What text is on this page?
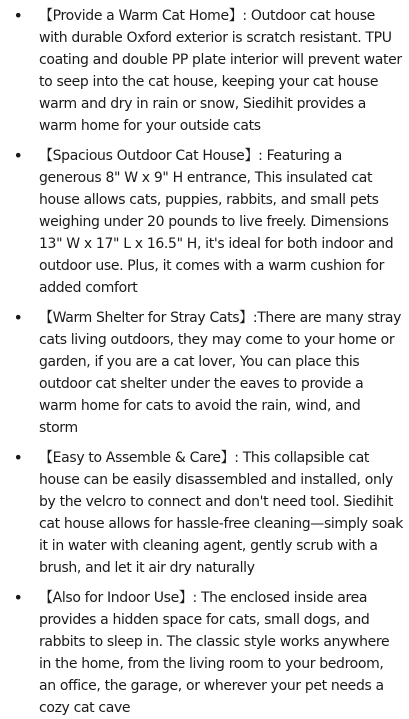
• 【Provide a Warm Cat Home】: Outdoor cat house with durable Oxford exterior is scratch resistant. TPU coating and double PP plate interior will prevent water to seep into the cat house, keeping your cat house warm and dry in rain or snow, Siedihit provides a warm home for your outside cats
• 【Spacious Outdoor Cat House】: Featuring a generous 8" W x 9" H entrance, This insulated cat house allows cats, puppies, rabbits, and small pets weighing under 20 pounds to live freely. Dimensions 13" W x 17" L x 16.5" H, it's ideal for both indoor and outdoor use. Plus, it comes with a warm cushion for added comfort
• 【Warm Shelter for Stray Cats】:There are many stray cats living outdoors, they may come to your home or garden, if you are a cat lover, You can place this outdoor cat shelter under the eaves to provide a warm home for cats to avoid the rain, wind, and storm
• 【Easy to Assemble & Care】: This collapsible cat house can be easily disassembled and installed, only by the velcro to connect and don't need tool. Siedihit cat house allows for hassle-free cleaning—simply soak it in water with cleaning agent, gently scrub with a brush, and let it air dry naturally
• 【Also for Indoor Use】: The enclosed inside area provides a hidden space for cats, small dogs, and rabbits to sleep in. The classic style works anywhere in the home, from the living room to your bedroom, an office, the garage, or wherever your pet needs a cozy cat cave
